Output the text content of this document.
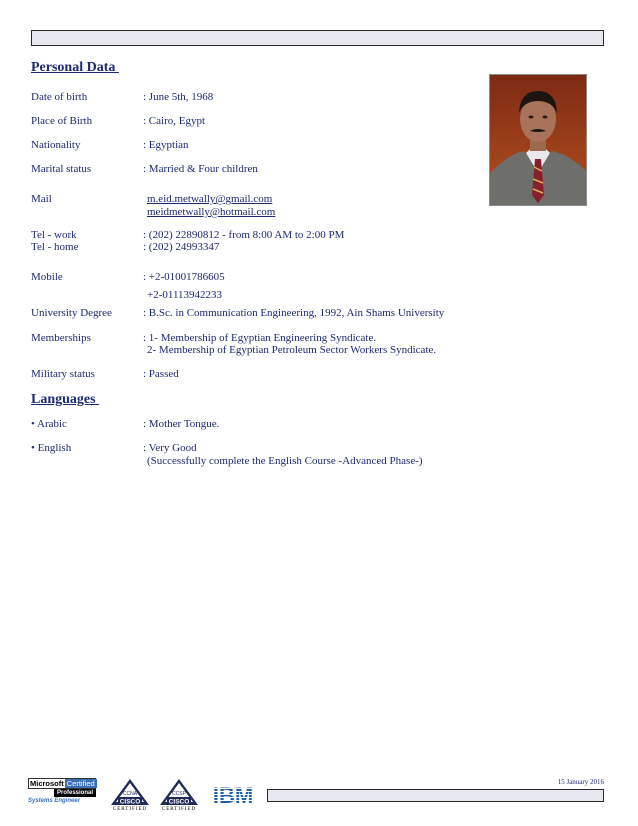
Personal Data
Date of birth	: June 5th, 1968
Place of Birth	: Cairo, Egypt
Nationality	: Egyptian
Marital status	: Married & Four children
Mail	m.eid.metwally@gmail.com
meidmetwally@hotmail.com
Tel - work	: (202) 22890812 - from 8:00 AM to 2:00 PM
Tel - home	: (202) 24993347
Mobile	: +2-01001786605
+2-01113942233
University Degree	: B.Sc. in Communication Engineering, 1992, Ain Shams University
Memberships	: 1- Membership of Egyptian Engineering Syndicate.
2- Membership of Egyptian Petroleum Sector Workers Syndicate.
Military status	: Passed
Languages
• Arabic	: Mother Tongue.
• English	: Very Good
(Successfully complete the English Course -Advanced Phase-)
Microsoft Certified
Professional
Systems Engineer
CCNA
CISCO
CERTIFIED
CCSP
CISCO
CERTIFIED
IBM
15 January 2016
